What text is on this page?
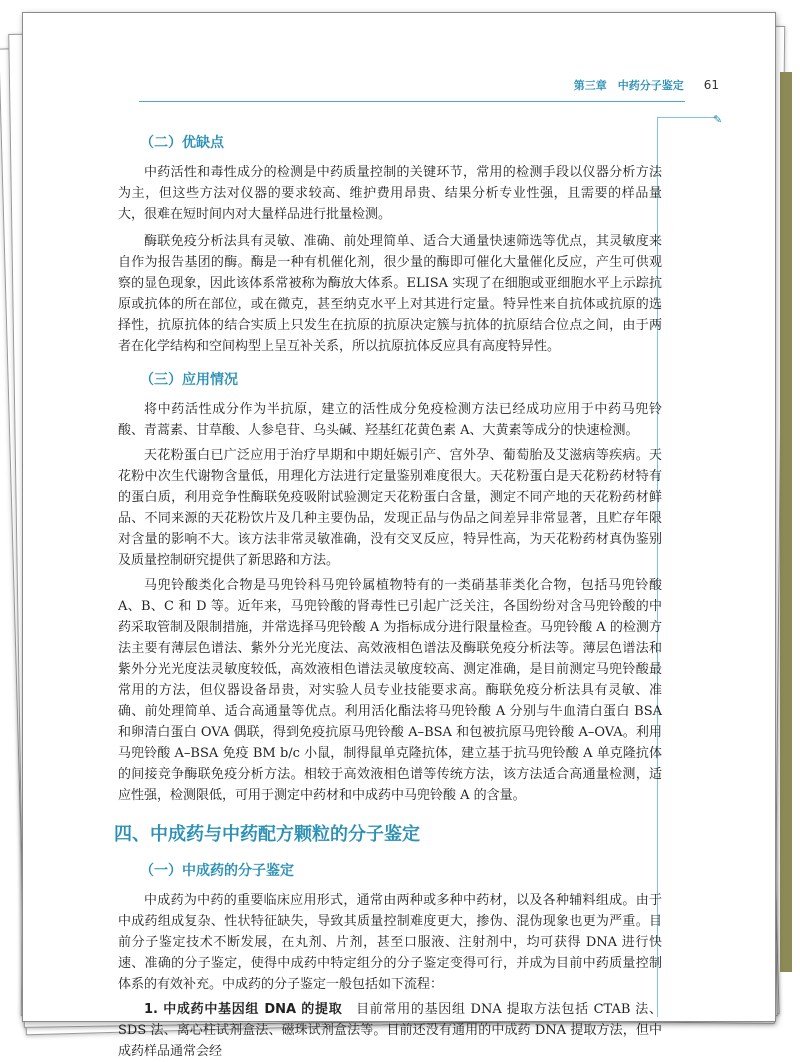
第三章　中药分子鉴定 61
✎

（二）优缺点

中药活性和毒性成分的检测是中药质量控制的关键环节，常用的检测手段以仪器分析方法为主，但这些方法对仪器的要求较高、维护费用昂贵、结果分析专业性强，且需要的样品量大，很难在短时间内对大量样品进行批量检测。

酶联免疫分析法具有灵敏、准确、前处理简单、适合大通量快速筛选等优点，其灵敏度来自作为报告基团的酶。酶是一种有机催化剂，很少量的酶即可催化大量催化反应，产生可供观察的显色现象，因此该体系常被称为酶放大体系。ELISA 实现了在细胞或亚细胞水平上示踪抗原或抗体的所在部位，或在微克，甚至纳克水平上对其进行定量。特异性来自抗体或抗原的选择性，抗原抗体的结合实质上只发生在抗原的抗原决定簇与抗体的抗原结合位点之间，由于两者在化学结构和空间构型上呈互补关系，所以抗原抗体反应具有高度特异性。

（三）应用情况

将中药活性成分作为半抗原，建立的活性成分免疫检测方法已经成功应用于中药马兜铃酸、青蒿素、甘草酸、人参皂苷、乌头碱、羟基红花黄色素 A、大黄素等成分的快速检测。

天花粉蛋白已广泛应用于治疗早期和中期妊娠引产、宫外孕、葡萄胎及艾滋病等疾病。天花粉中次生代谢物含量低，用理化方法进行定量鉴别难度很大。天花粉蛋白是天花粉药材特有的蛋白质，利用竞争性酶联免疫吸附试验测定天花粉蛋白含量，测定不同产地的天花粉药材鲜品、不同来源的天花粉饮片及几种主要伪品，发现正品与伪品之间差异非常显著，且贮存年限对含量的影响不大。该方法非常灵敏准确，没有交叉反应，特异性高，为天花粉药材真伪鉴别及质量控制研究提供了新思路和方法。

马兜铃酸类化合物是马兜铃科马兜铃属植物特有的一类硝基菲类化合物，包括马兜铃酸 A、B、C 和 D 等。近年来，马兜铃酸的肾毒性已引起广泛关注，各国纷纷对含马兜铃酸的中药采取管制及限制措施，并常选择马兜铃酸 A 为指标成分进行限量检查。马兜铃酸 A 的检测方法主要有薄层色谱法、紫外分光光度法、高效液相色谱法及酶联免疫分析法等。薄层色谱法和紫外分光光度法灵敏度较低，高效液相色谱法灵敏度较高、测定准确，是目前测定马兜铃酸最常用的方法，但仪器设备昂贵，对实验人员专业技能要求高。酶联免疫分析法具有灵敏、准确、前处理简单、适合高通量等优点。利用活化酯法将马兜铃酸 A 分别与牛血清白蛋白 BSA 和卵清白蛋白 OVA 偶联，得到免疫抗原马兜铃酸 A–BSA 和包被抗原马兜铃酸 A–OVA。利用马兜铃酸 A–BSA 免疫 BM b/c 小鼠，制得鼠单克隆抗体，建立基于抗马兜铃酸 A 单克隆抗体的间接竞争酶联免疫分析方法。相较于高效液相色谱等传统方法，该方法适合高通量检测，适应性强，检测限低，可用于测定中药材和中成药中马兜铃酸 A 的含量。

四、中成药与中药配方颗粒的分子鉴定

（一）中成药的分子鉴定

中成药为中药的重要临床应用形式，通常由两种或多种中药材，以及各种辅料组成。由于中成药组成复杂、性状特征缺失，导致其质量控制难度更大，掺伪、混伪现象也更为严重。目前分子鉴定技术不断发展，在丸剂、片剂，甚至口服液、注射剂中，均可获得 DNA 进行快速、准确的分子鉴定，使得中成药中特定组分的分子鉴定变得可行，并成为目前中药质量控制体系的有效补充。中成药的分子鉴定一般包括如下流程：

1. 中成药中基因组 DNA 的提取　目前常用的基因组 DNA 提取方法包括 CTAB 法、SDS 法、离心柱试剂盒法、磁珠试剂盒法等。目前还没有通用的中成药 DNA 提取方法，但中成药样品通常会经
